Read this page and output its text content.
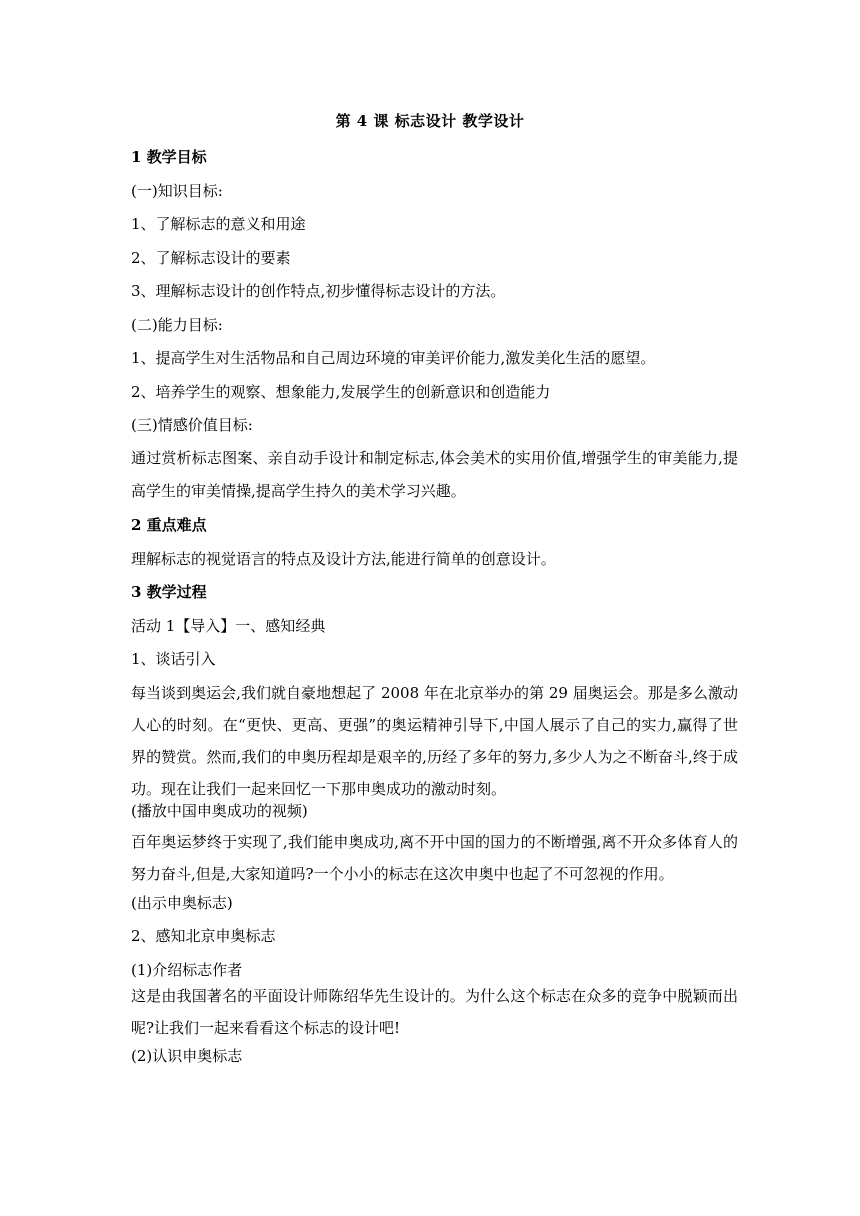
第 4 课 标志设计 教学设计

1 教学目标

(一)知识目标:

1、了解标志的意义和用途

2、了解标志设计的要素

3、理解标志设计的创作特点,初步懂得标志设计的方法。

(二)能力目标:

1、提高学生对生活物品和自己周边环境的审美评价能力,激发美化生活的愿望。

2、培养学生的观察、想象能力,发展学生的创新意识和创造能力

(三)情感价值目标:

通过赏析标志图案、亲自动手设计和制定标志,体会美术的实用价值,增强学生的审美能力,提高学生的审美情操,提高学生持久的美术学习兴趣。

2 重点难点

理解标志的视觉语言的特点及设计方法,能进行简单的创意设计。

3 教学过程

活动 1【导入】一、感知经典

1、谈话引入

每当谈到奥运会,我们就自豪地想起了 2008 年在北京举办的第 29 届奥运会。那是多么激动人心的时刻。在“更快、更高、更强”的奥运精神引导下,中国人展示了自己的实力,赢得了世界的赞赏。然而,我们的申奥历程却是艰辛的,历经了多年的努力,多少人为之不断奋斗,终于成功。现在让我们一起来回忆一下那申奥成功的激动时刻。

(播放中国申奥成功的视频)

百年奥运梦终于实现了,我们能申奥成功,离不开中国的国力的不断增强,离不开众多体育人的努力奋斗,但是,大家知道吗?一个小小的标志在这次申奥中也起了不可忽视的作用。

(出示申奥标志)

2、感知北京申奥标志

(1)介绍标志作者

这是由我国著名的平面设计师陈绍华先生设计的。为什么这个标志在众多的竞争中脱颖而出呢?让我们一起来看看这个标志的设计吧!

(2)认识申奥标志
